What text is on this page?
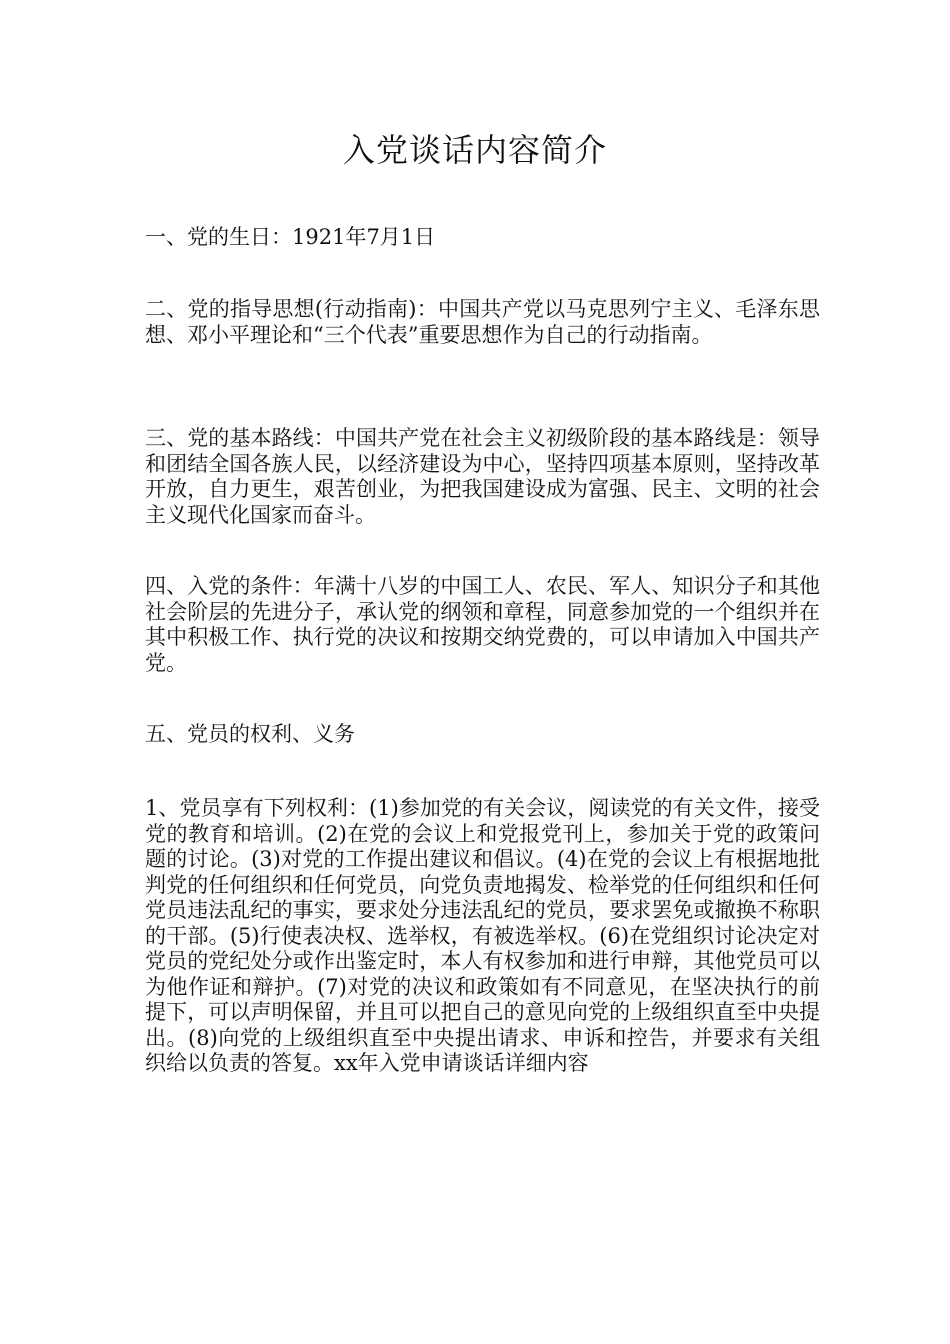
入党谈话内容简介
一、党的生日：1921年7月1日
二、党的指导思想(行动指南)：中国共产党以马克思列宁主义、毛泽东思想、邓小平理论和“三个代表”重要思想作为自己的行动指南。
三、党的基本路线：中国共产党在社会主义初级阶段的基本路线是：领导和团结全国各族人民，以经济建设为中心，坚持四项基本原则，坚持改革开放，自力更生，艰苦创业，为把我国建设成为富强、民主、文明的社会主义现代化国家而奋斗。
四、入党的条件：年满十八岁的中国工人、农民、军人、知识分子和其他社会阶层的先进分子，承认党的纲领和章程，同意参加党的一个组织并在其中积极工作、执行党的决议和按期交纳党费的，可以申请加入中国共产党。
五、党员的权利、义务
1、党员享有下列权利：(1)参加党的有关会议，阅读党的有关文件，接受党的教育和培训。(2)在党的会议上和党报党刊上，参加关于党的政策问题的讨论。(3)对党的工作提出建议和倡议。(4)在党的会议上有根据地批判党的任何组织和任何党员，向党负责地揭发、检举党的任何组织和任何党员违法乱纪的事实，要求处分违法乱纪的党员，要求罢免或撤换不称职的干部。(5)行使表决权、选举权，有被选举权。(6)在党组织讨论决定对党员的党纪处分或作出鉴定时，本人有权参加和进行申辩，其他党员可以为他作证和辩护。(7)对党的决议和政策如有不同意见，在坚决执行的前提下，可以声明保留，并且可以把自己的意见向党的上级组织直至中央提出。(8)向党的上级组织直至中央提出请求、申诉和控告，并要求有关组织给以负责的答复。xx年入党申请谈话详细内容
